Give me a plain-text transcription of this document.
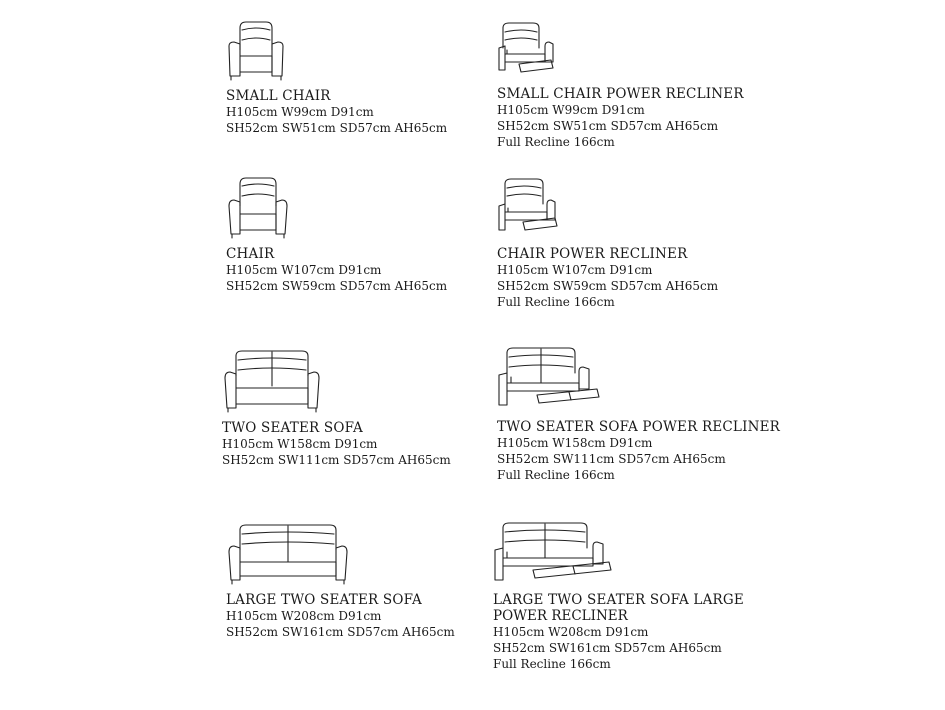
SMALL CHAIR
H105cm W99cm D91cm
SH52cm SW51cm SD57cm AH65cm
CHAIR
H105cm W107cm D91cm
SH52cm SW59cm SD57cm AH65cm
TWO SEATER SOFA
H105cm W158cm D91cm
SH52cm SW111cm SD57cm AH65cm
LARGE TWO SEATER SOFA
H105cm W208cm D91cm
SH52cm SW161cm SD57cm AH65cm
SMALL CHAIR POWER RECLINER
H105cm W99cm D91cm
SH52cm SW51cm SD57cm AH65cm
Full Recline 166cm
CHAIR POWER RECLINER
H105cm W107cm D91cm
SH52cm SW59cm SD57cm AH65cm
Full Recline 166cm
TWO SEATER SOFA POWER RECLINER
H105cm W158cm D91cm
SH52cm SW111cm SD57cm AH65cm
Full Recline 166cm
LARGE TWO SEATER SOFA LARGE
POWER RECLINER
H105cm W208cm D91cm
SH52cm SW161cm SD57cm AH65cm
Full Recline 166cm
